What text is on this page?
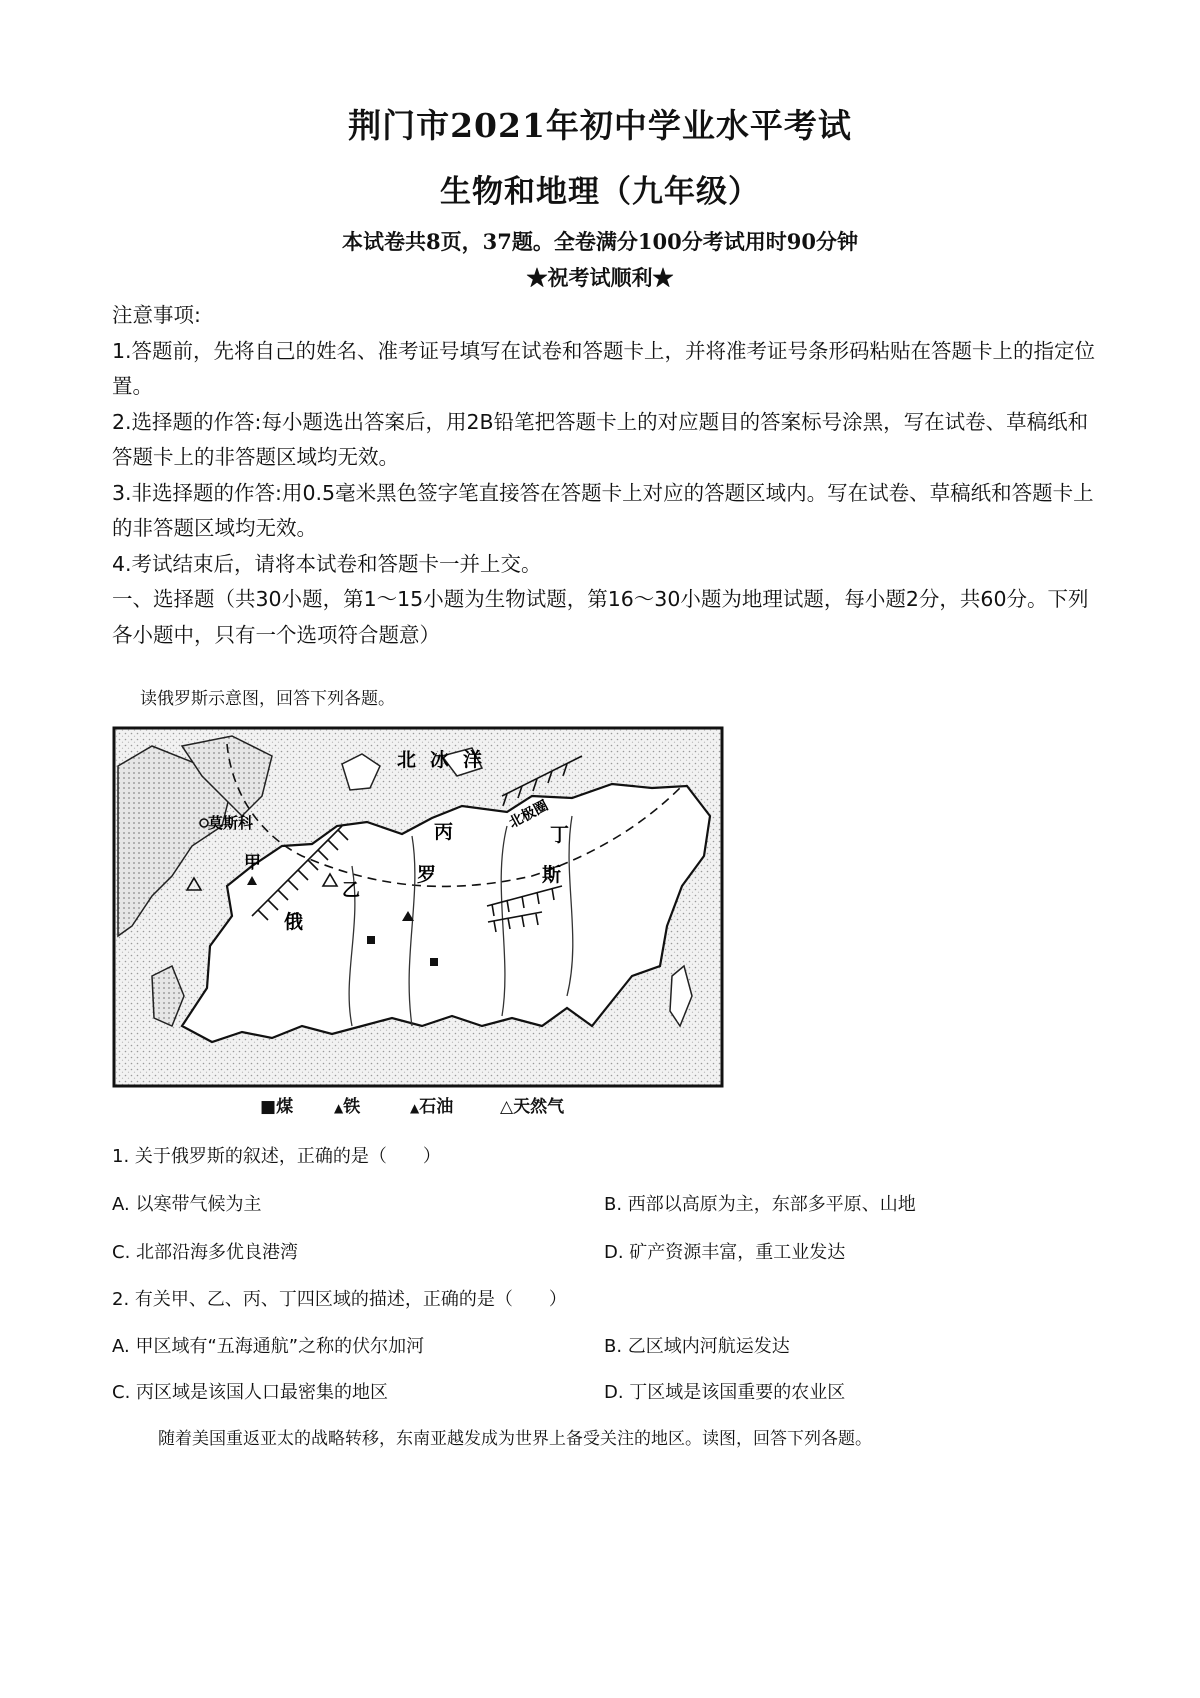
荆门市2021年初中学业水平考试
生物和地理（九年级）
本试卷共8页，37题。全卷满分100分考试用时90分钟
★祝考试顺利★

注意事项:

1.答题前，先将自己的姓名、准考证号填写在试卷和答题卡上，并将准考证号条形码粘贴在答题卡上的指定位置。

2.选择题的作答:每小题选出答案后，用2B铅笔把答题卡上的对应题目的答案标号涂黑，写在试卷、草稿纸和答题卡上的非答题区域均无效。

3.非选择题的作答:用0.5毫米黑色签字笔直接答在答题卡上对应的答题区域内。写在试卷、草稿纸和答题卡上的非答题区域均无效。

4.考试结束后，请将本试卷和答题卡一并上交。

一、选择题（共30小题，第1～15小题为生物试题，第16～30小题为地理试题，每小题2分，共60分。下列各小题中，只有一个选项符合题意）

读俄罗斯示意图，回答下列各题。
北冰洋
北极圈
莫斯科
甲
俄
乙
丙
罗
丁
斯
■煤	▲铁	▲石油	△天然气
1. 关于俄罗斯的叙述，正确的是（　　）
A. 以寒带气候为主	B. 西部以高原为主，东部多平原、山地
C. 北部沿海多优良港湾	D. 矿产资源丰富，重工业发达
2. 有关甲、乙、丙、丁四区域的描述，正确的是（　　）
A. 甲区域有“五海通航”之称的伏尔加河	B. 乙区域内河航运发达
C. 丙区域是该国人口最密集的地区	D. 丁区域是该国重要的农业区
随着美国重返亚太的战略转移，东南亚越发成为世界上备受关注的地区。读图，回答下列各题。
